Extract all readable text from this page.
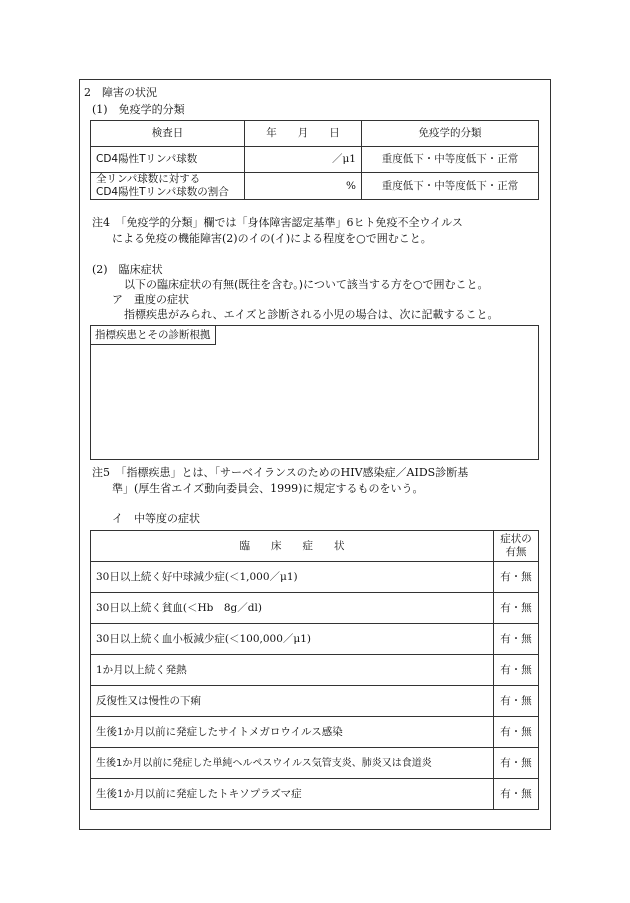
2　障害の状況
(1)　免疫学的分類
検査日	年　　月　　日	免疫学的分類
CD4陽性Tリンパ球数	／μ1	重度低下・中等度低下・正常

全リンパ球数に対する
CD4陽性Tリンパ球数の割合	%	重度低下・中等度低下・正常
注4　「免疫学的分類」欄では「身体障害認定基準」6ヒト免疫不全ウイルス
による免疫の機能障害(2)のイの(イ)による程度を○で囲むこと。
(2)　臨床症状
以下の臨床症状の有無(既往を含む。)について該当する方を○で囲むこと。
ア　重度の症状
指標疾患がみられ、エイズと診断される小児の場合は、次に記載すること。
指標疾患とその診断根拠
注5　「指標疾患」とは、「サーベイランスのためのHIV感染症／AIDS診断基
準」(厚生省エイズ動向委員会、1999)に規定するものをいう。
イ　中等度の症状
臨　　床　　症　　状	症状の
有無

30日以上続く好中球減少症(＜1,000／μ1)	有・無
30日以上続く貧血(＜Hb　8g／dl)	有・無
30日以上続く血小板減少症(＜100,000／μ1)	有・無
1か月以上続く発熱	有・無
反復性又は慢性の下痢	有・無
生後1か月以前に発症したサイトメガロウイルス感染	有・無
生後1か月以前に発症した単純ヘルペスウイルス気管支炎、肺炎又は食道炎	有・無
生後1か月以前に発症したトキソプラズマ症	有・無
